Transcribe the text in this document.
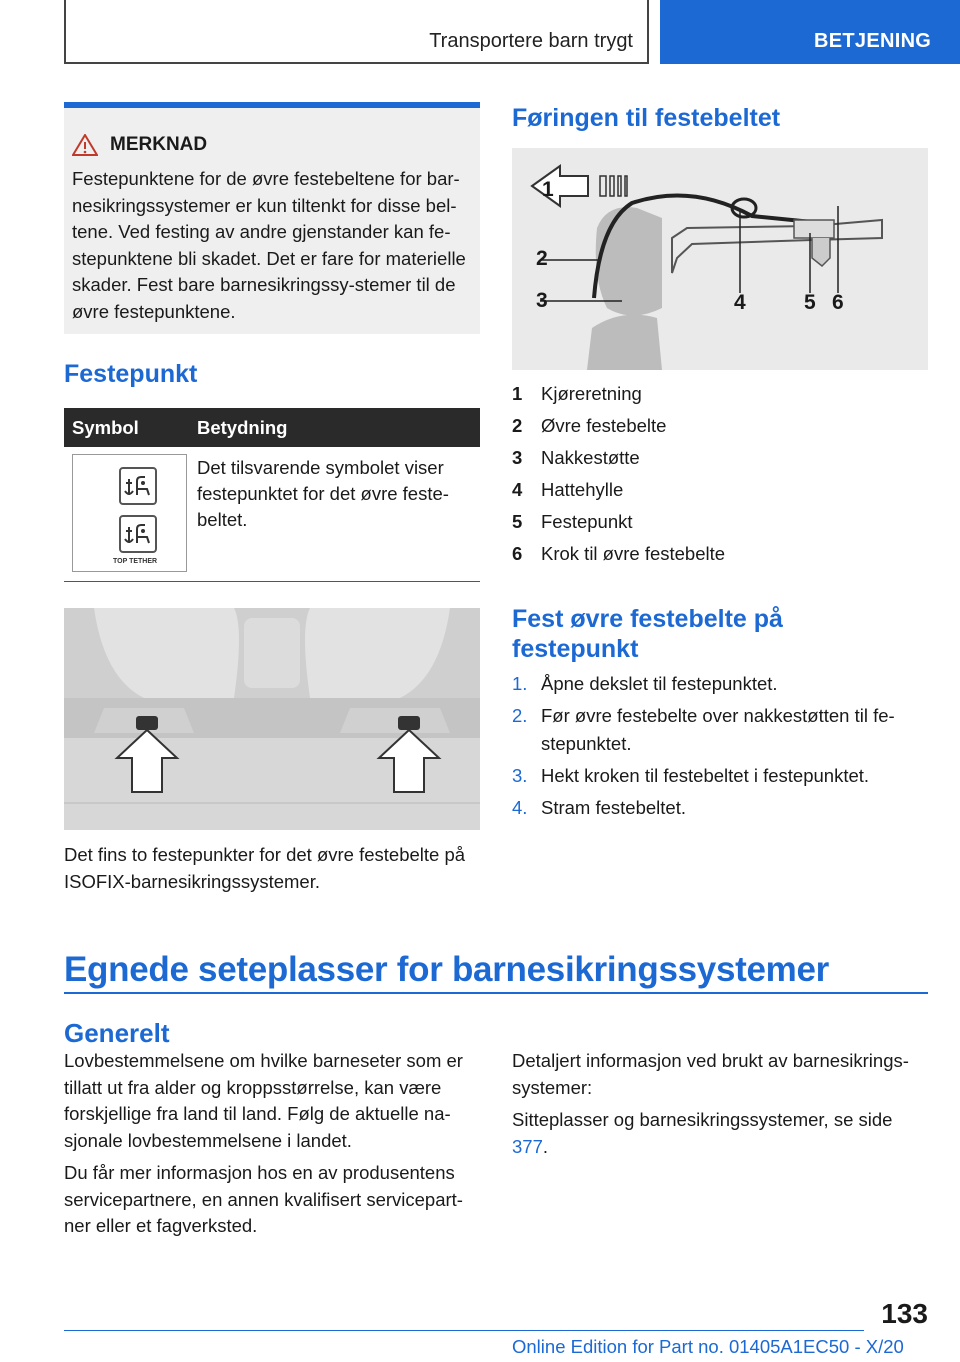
Transportere barn trygt	BETJENING
MERKNAD
Festepunktene for de øvre festebeltene for bar-nesikringssystemer er kun tiltenkt for disse bel-tene. Ved festing av andre gjenstander kan fe-stepunktene bli skadet. Det er fare for materielle skader. Fest bare barnesikringssy-stemer til de øvre festepunktene.
Festepunkt
Symbol	Betydning
TOP TETHER
Det tilsvarende symbolet viser festepunktet for det øvre feste-beltet.
Det fins to festepunkter for det øvre festebelte på ISOFIX-barnesikringssystemer.
Føringen til festebeltet
1
2
3	4	5 6
1 Kjøreretning
2 Øvre festebelte
3 Nakkestøtte
4 Hattehylle
5 Festepunkt
6 Krok til øvre festebelte
Fest øvre festebelte på
festepunkt
1. Åpne dekslet til festepunktet.
2. Før øvre festebelte over nakkestøtten til fe-stepunktet.
3. Hekt kroken til festebeltet i festepunktet.
4. Stram festebeltet.
Egnede seteplasser for barnesikringssystemer
Generelt

Lovbestemmelsene om hvilke barneseter som er tillatt ut fra alder og kroppsstørrelse, kan være forskjellige fra land til land. Følg de aktuelle na-sjonale lovbestemmelsene i landet.

Du får mer informasjon hos en av produsentens servicepartnere, en annen kvalifisert servicepart-ner eller et fagverksted.

Detaljert informasjon ved brukt av barnesikrings-systemer:

Sitteplasser og barnesikringssystemer, se side 377.

133
Online Edition for Part no. 01405A1EC50 - X/20
